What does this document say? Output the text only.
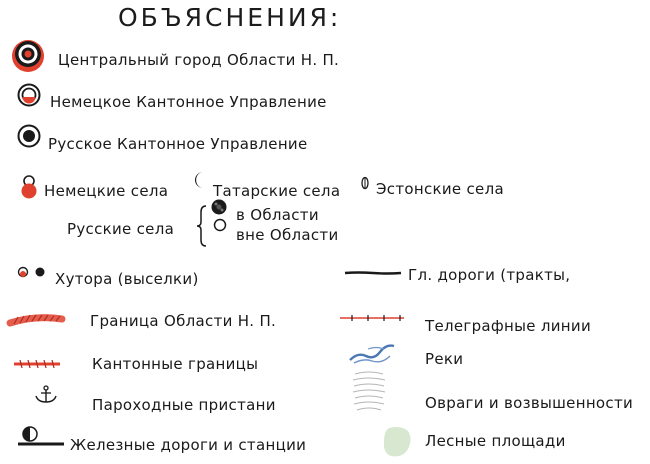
ОБЪЯСНЕНИЯ:
Центральный город Области Н. П.
Немецкое Кантонное Управление
Русское Кантонное Управление
Немецкие села	Татарские села Эстонские села
Русские села
в Области
вне Области
Хутора (выселки)	Гл. дороги (тракты,
Граница Области Н. П.	Телеграфные линии
Кантонные границы	Реки
Пароходные пристани	Овраги и возвышенности
Железные дороги и станции	Лесные площади
